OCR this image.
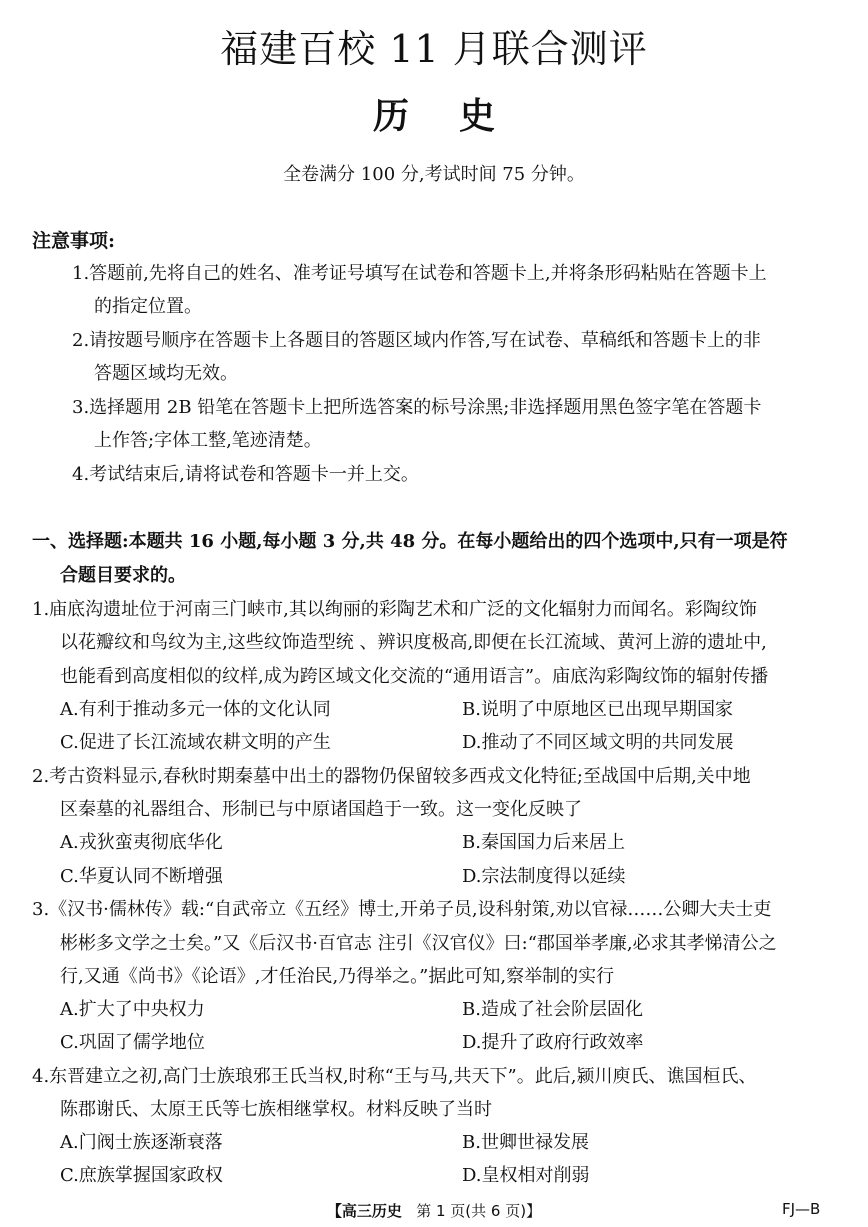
福建百校 11 月联合测评
历 史
全卷满分 100 分,考试时间 75 分钟。
注意事项:
1.答题前,先将自己的姓名、准考证号填写在试卷和答题卡上,并将条形码粘贴在答题卡上
的指定位置。
2.请按题号顺序在答题卡上各题目的答题区域内作答,写在试卷、草稿纸和答题卡上的非
答题区域均无效。
3.选择题用 2B 铅笔在答题卡上把所选答案的标号涂黑;非选择题用黑色签字笔在答题卡
上作答;字体工整,笔迹清楚。
4.考试结束后,请将试卷和答题卡一并上交。
一、选择题:本题共 16 小题,每小题 3 分,共 48 分。在每小题给出的四个选项中,只有一项是符
合题目要求的。
1.庙底沟遗址位于河南三门峡市,其以绚丽的彩陶艺术和广泛的文化辐射力而闻名。彩陶纹饰
以花瓣纹和鸟纹为主,这些纹饰造型统 、辨识度极高,即便在长江流域、黄河上游的遗址中,
也能看到高度相似的纹样,成为跨区域文化交流的“通用语言”。庙底沟彩陶纹饰的辐射传播
A.有利于推动多元一体的文化认同	B.说明了中原地区已出现早期国家
C.促进了长江流域农耕文明的产生	D.推动了不同区域文明的共同发展
2.考古资料显示,春秋时期秦墓中出土的器物仍保留较多西戎文化特征;至战国中后期,关中地
区秦墓的礼器组合、形制已与中原诸国趋于一致。这一变化反映了
A.戎狄蛮夷彻底华化	B.秦国国力后来居上
C.华夏认同不断增强	D.宗法制度得以延续
3.《汉书·儒林传》载:“自武帝立《五经》博士,开弟子员,设科射策,劝以官禄……公卿大夫士吏
彬彬多文学之士矣。”又《后汉书·百官志 注引《汉官仪》曰:“郡国举孝廉,必求其孝悌清公之
行,又通《尚书》《论语》,才任治民,乃得举之。”据此可知,察举制的实行
A.扩大了中央权力	B.造成了社会阶层固化
C.巩固了儒学地位	D.提升了政府行政效率
4.东晋建立之初,高门士族琅邪王氏当权,时称“王与马,共天下”。此后,颍川庾氏、谯国桓氏、
陈郡谢氏、太原王氏等七族相继掌权。材料反映了当时
A.门阀士族逐渐衰落	B.世卿世禄发展
C.庶族掌握国家政权	D.皇权相对削弱
【高三历史 第 1 页(共 6 页)】	FJ—B
